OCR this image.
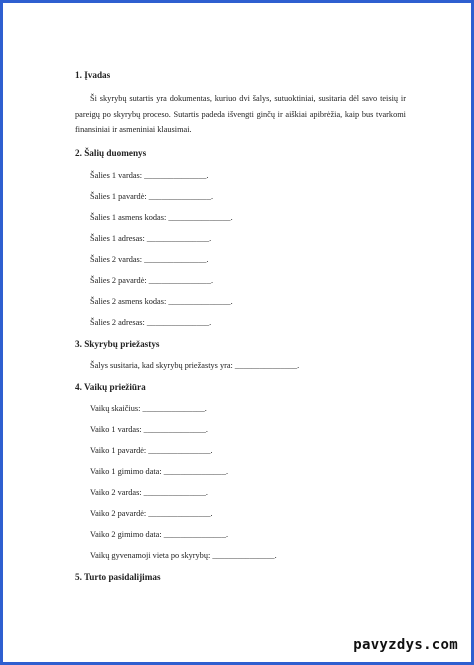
1. Įvadas

Ši skyrybų sutartis yra dokumentas, kuriuo dvi šalys, sutuoktiniai, susitaria dėl savo teisių ir pareigų po skyrybų proceso. Sutartis padeda išvengti ginčų ir aiškiai apibrėžia, kaip bus tvarkomi finansiniai ir asmeniniai klausimai.

2. Šalių duomenys

Šalies 1 vardas: _______________.

Šalies 1 pavardė: _______________.

Šalies 1 asmens kodas: _______________.

Šalies 1 adresas: _______________.

Šalies 2 vardas: _______________.

Šalies 2 pavardė: _______________.

Šalies 2 asmens kodas: _______________.

Šalies 2 adresas: _______________.

3. Skyrybų priežastys

Šalys susitaria, kad skyrybų priežastys yra: _______________.

4. Vaikų priežiūra

Vaikų skaičius: _______________.

Vaiko 1 vardas: _______________.

Vaiko 1 pavardė: _______________.

Vaiko 1 gimimo data: _______________.

Vaiko 2 vardas: _______________.

Vaiko 2 pavardė: _______________.

Vaiko 2 gimimo data: _______________.

Vaikų gyvenamoji vieta po skyrybų: _______________.

5. Turto pasidalijimas

pavyzdys.com
